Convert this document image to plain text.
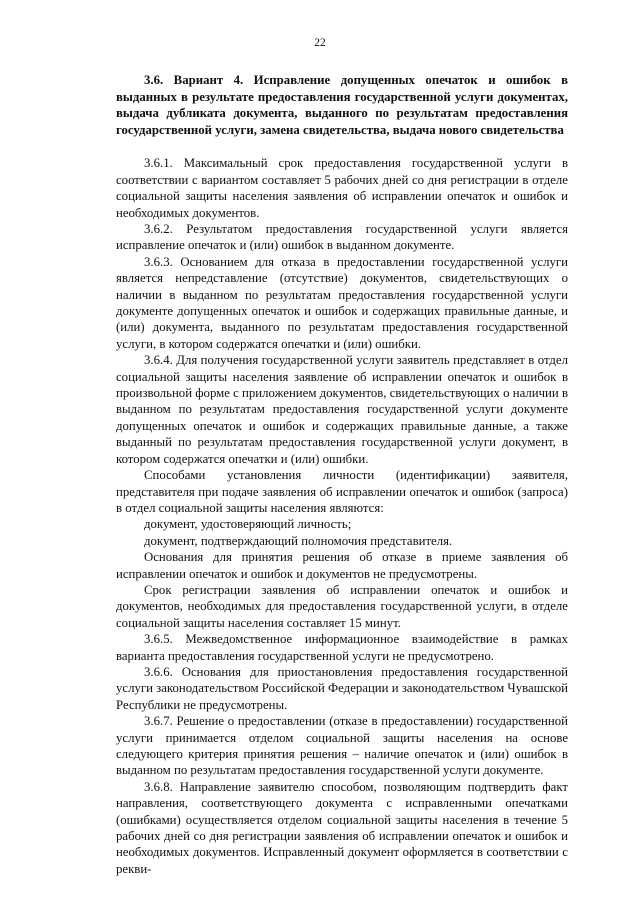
22

3.6. Вариант 4. Исправление допущенных опечаток и ошибок в выданных в результате предоставления государственной услуги документах, выдача дубликата документа, выданного по результатам предоставления государственной услуги, замена свидетельства, выдача нового свидетельства

3.6.1. Максимальный срок предоставления государственной услуги в соответствии с вариантом составляет 5 рабочих дней со дня регистрации в отделе социальной защиты населения заявления об исправлении опечаток и ошибок и необходимых документов.

3.6.2. Результатом предоставления государственной услуги является исправление опечаток и (или) ошибок в выданном документе.

3.6.3. Основанием для отказа в предоставлении государственной услуги является непредставление (отсутствие) документов, свидетельствующих о наличии в выданном по результатам предоставления государственной услуги документе допущенных опечаток и ошибок и содержащих правильные данные, и (или) документа, выданного по результатам предоставления государственной услуги, в котором содержатся опечатки и (или) ошибки.

3.6.4. Для получения государственной услуги заявитель представляет в отдел социальной защиты населения заявление об исправлении опечаток и ошибок в произвольной форме с приложением документов, свидетельствующих о наличии в выданном по результатам предоставления государственной услуги документе допущенных опечаток и ошибок и содержащих правильные данные, а также выданный по результатам предоставления государственной услуги документ, в котором содержатся опечатки и (или) ошибки.

Способами установления личности (идентификации) заявителя, представителя при подаче заявления об исправлении опечаток и ошибок (запроса) в отдел социальной защиты населения являются:

документ, удостоверяющий личность;

документ, подтверждающий полномочия представителя.

Основания для принятия решения об отказе в приеме заявления об исправлении опечаток и ошибок и документов не предусмотрены.

Срок регистрации заявления об исправлении опечаток и ошибок и документов, необходимых для предоставления государственной услуги, в отделе социальной защиты населения составляет 15 минут.

3.6.5. Межведомственное информационное взаимодействие в рамках варианта предоставления государственной услуги не предусмотрено.

3.6.6. Основания для приостановления предоставления государственной услуги законодательством Российской Федерации и законодательством Чувашской Республики не предусмотрены.

3.6.7. Решение о предоставлении (отказе в предоставлении) государственной услуги принимается отделом социальной защиты населения на основе следующего критерия принятия решения – наличие опечаток и (или) ошибок в выданном по результатам предоставления государственной услуги документе.

3.6.8. Направление заявителю способом, позволяющим подтвердить факт направления, соответствующего документа с исправленными опечатками (ошибками) осуществляется отделом социальной защиты населения в течение 5 рабочих дней со дня регистрации заявления об исправлении опечаток и ошибок и необходимых документов. Исправленный документ оформляется в соответствии с рекви-
